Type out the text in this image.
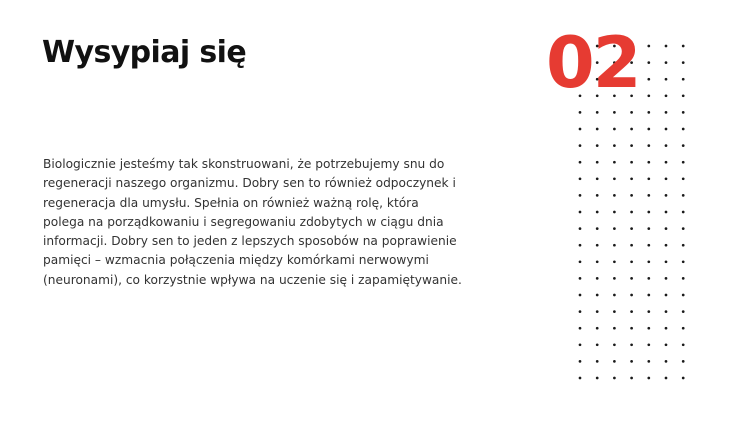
Wysypiaj się

Biologicznie jesteśmy tak skonstruowani, że potrzebujemy snu do regeneracji naszego organizmu. Dobry sen to również odpoczynek i regeneracja dla umysłu. Spełnia on również ważną rolę, która polega na porządkowaniu i segregowaniu zdobytych w ciągu dnia informacji. Dobry sen to jeden z lepszych sposobów na poprawienie pamięci – wzmacnia połączenia między komórkami nerwowymi (neuronami), co korzystnie wpływa na uczenie się i zapamiętywanie.

02
